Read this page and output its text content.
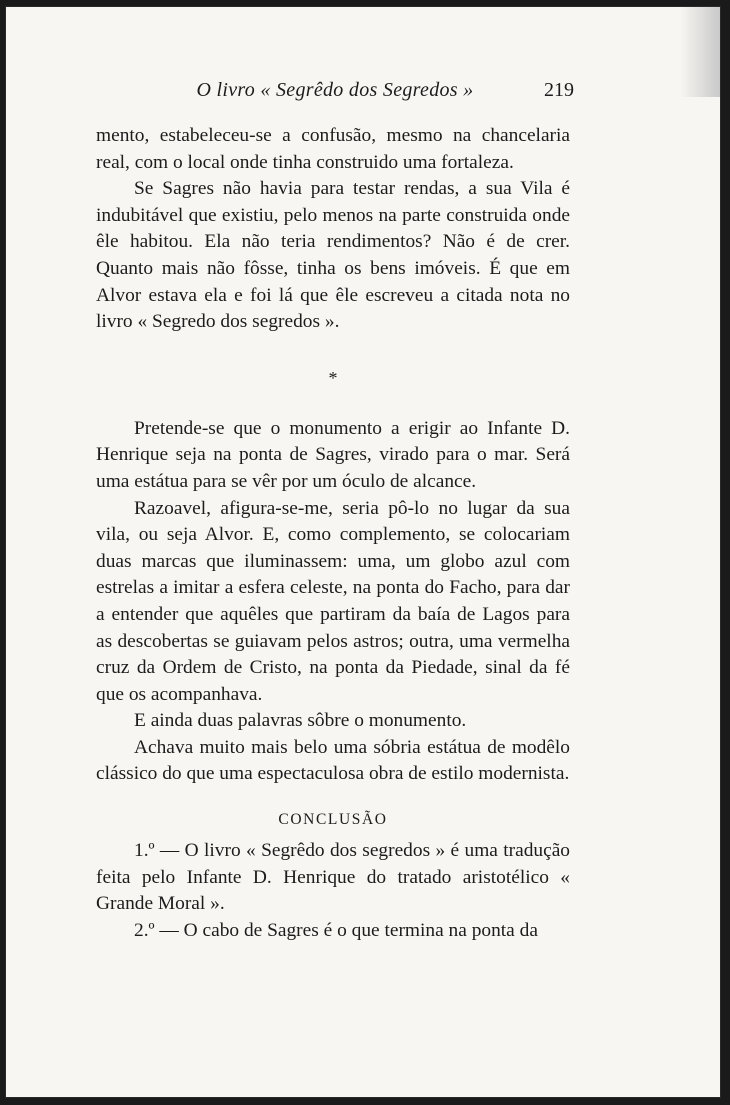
O livro « Segrêdo dos Segredos »	219

mento, estabeleceu-se a confusão, mesmo na chancelaria real, com o local onde tinha construido uma fortaleza.

Se Sagres não havia para testar rendas, a sua Vila é indubitável que existiu, pelo menos na parte construida onde êle habitou. Ela não teria rendimentos? Não é de crer. Quanto mais não fôsse, tinha os bens imóveis. É que em Alvor estava ela e foi lá que êle escreveu a citada nota no livro « Segredo dos segredos ».

*

Pretende-se que o monumento a erigir ao Infante D. Henrique seja na ponta de Sagres, virado para o mar. Será uma estátua para se vêr por um óculo de alcance.

Razoavel, afigura-se-me, seria pô-lo no lugar da sua vila, ou seja Alvor. E, como complemento, se colocariam duas marcas que iluminassem: uma, um globo azul com estrelas a imitar a esfera celeste, na ponta do Facho, para dar a entender que aquêles que partiram da baía de Lagos para as descobertas se guiavam pelos astros; outra, uma vermelha cruz da Ordem de Cristo, na ponta da Piedade, sinal da fé que os acompanhava.

E ainda duas palavras sôbre o monumento.

Achava muito mais belo uma sóbria estátua de modêlo clássico do que uma espectaculosa obra de estilo modernista.

CONCLUSÃO

1.º — O livro « Segrêdo dos segredos » é uma tradução feita pelo Infante D. Henrique do tratado aristotélico « Grande Moral ».

2.º — O cabo de Sagres é o que termina na ponta da
